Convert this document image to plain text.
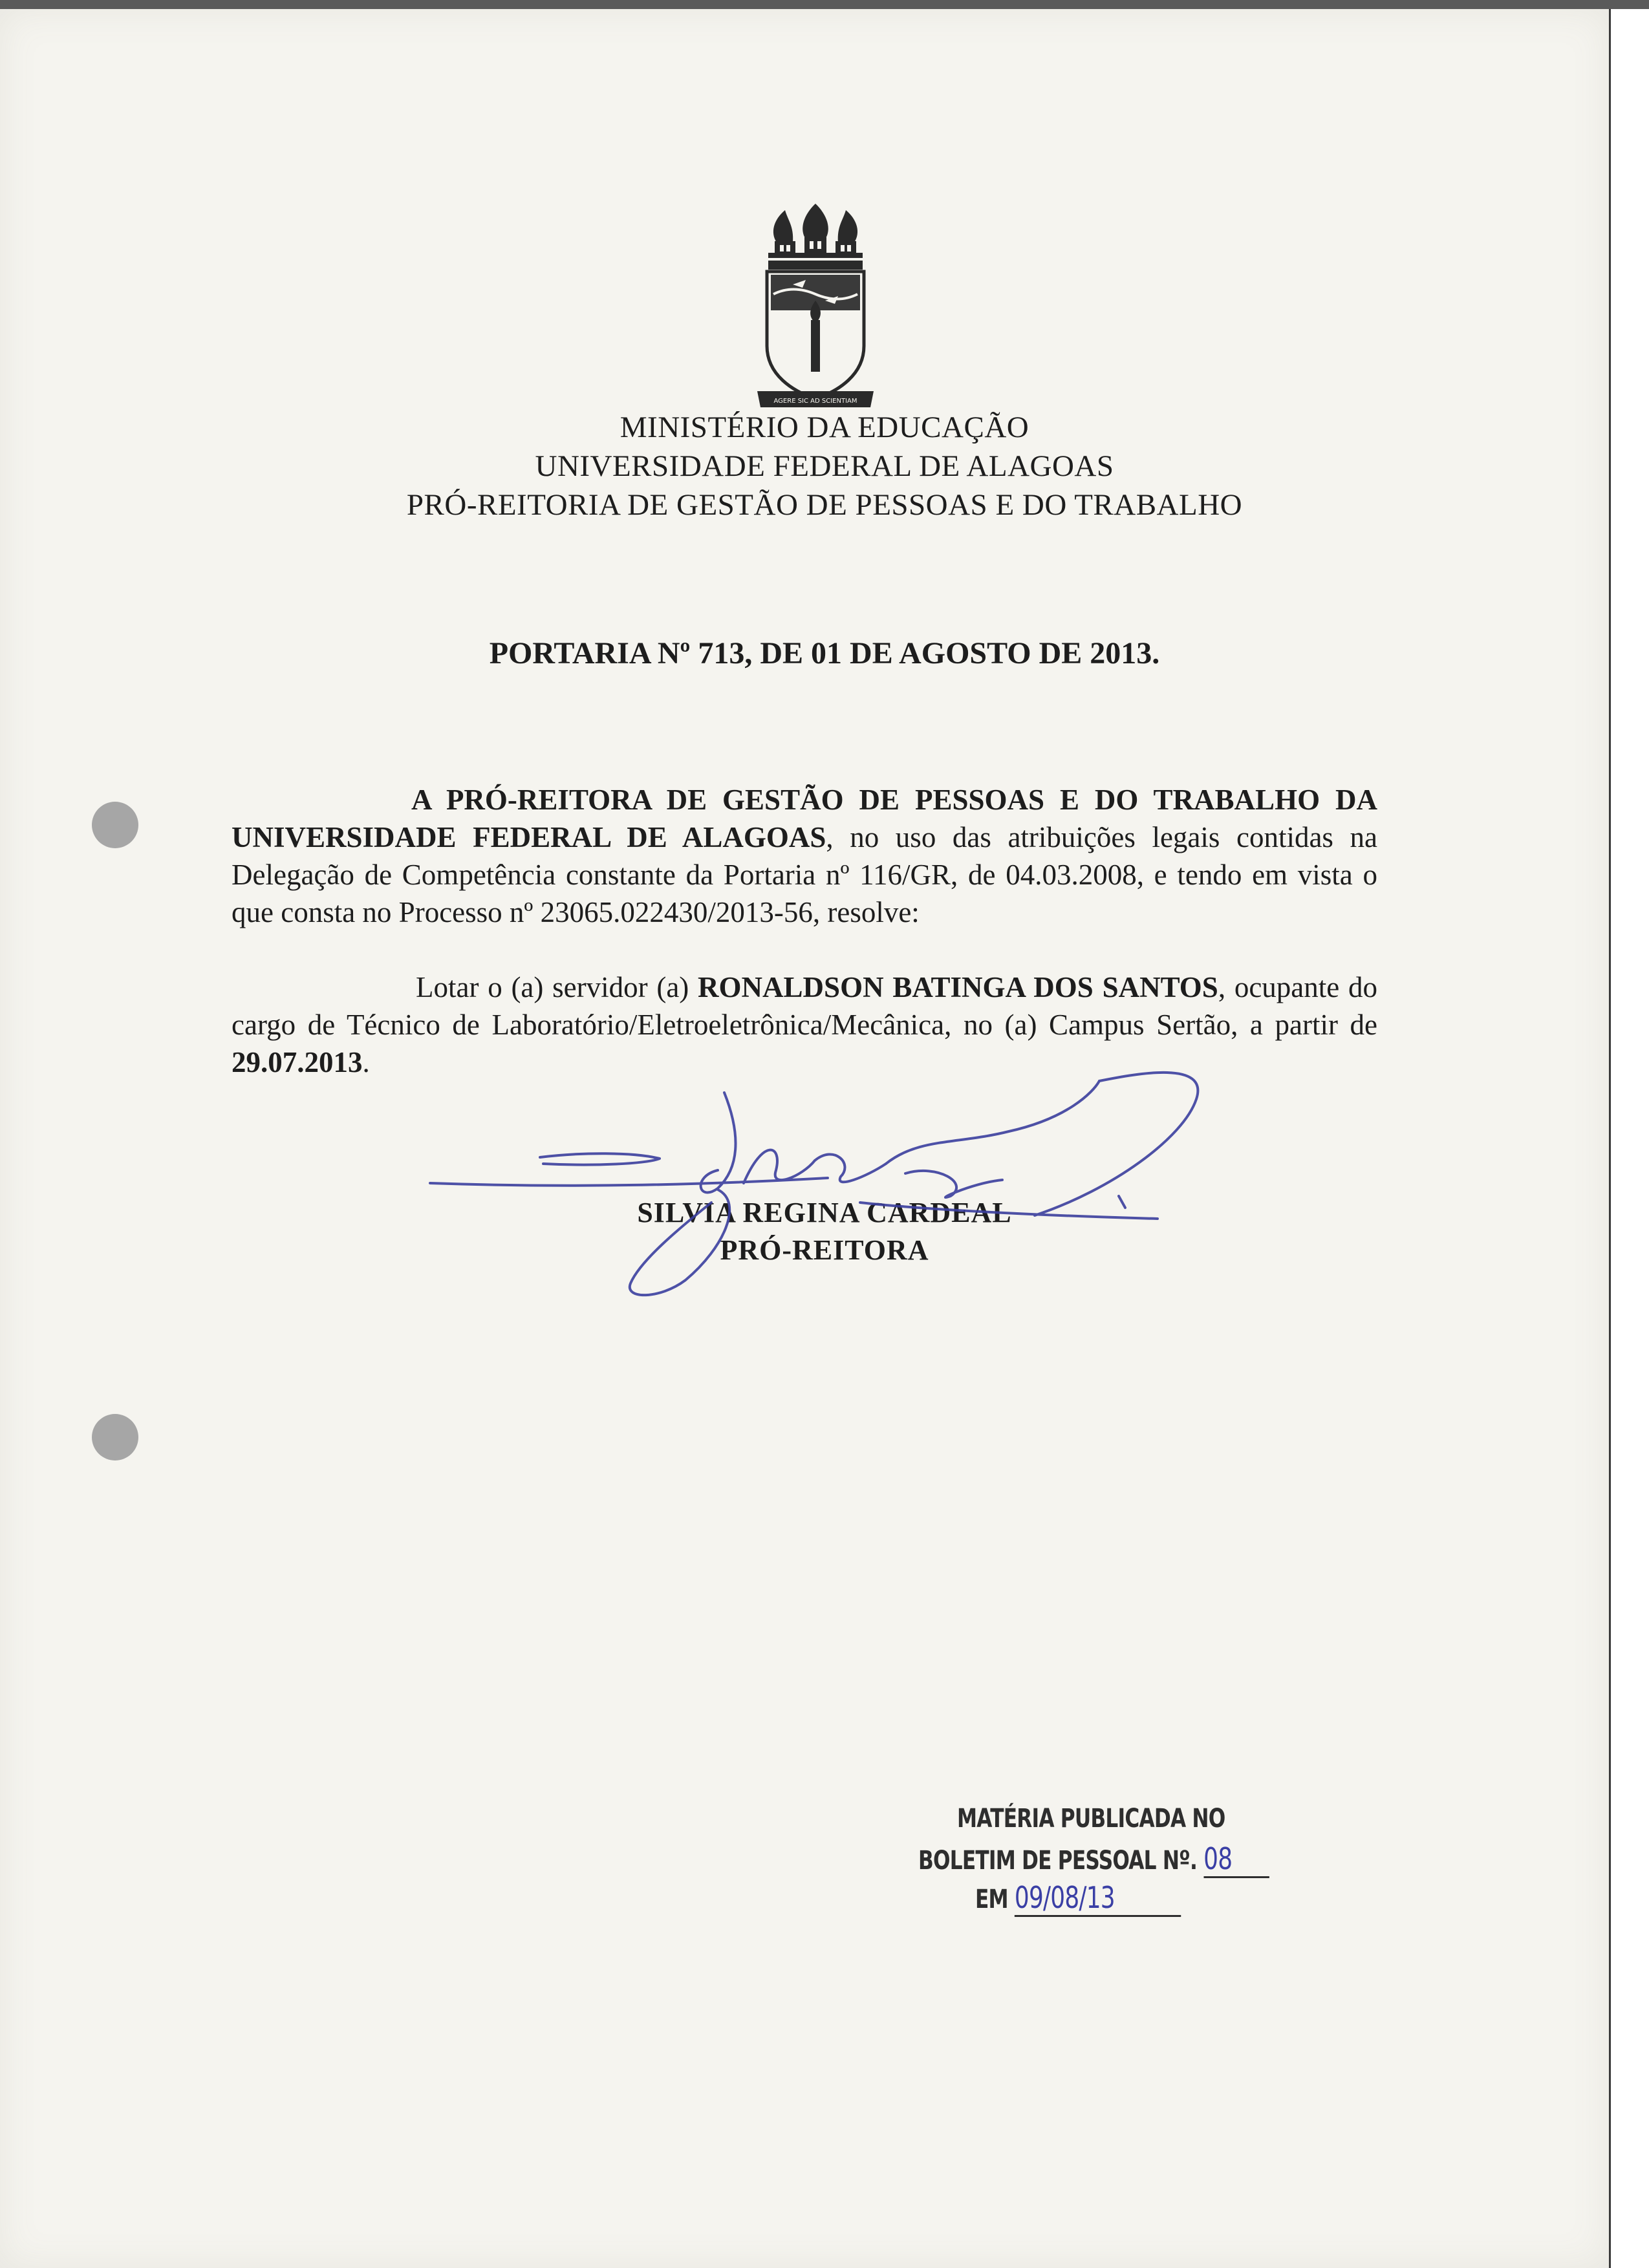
AGERE SIC AD SCIENTIAM
MINISTÉRIO DA EDUCAÇÃO
UNIVERSIDADE FEDERAL DE ALAGOAS
PRÓ-REITORIA DE GESTÃO DE PESSOAS E DO TRABALHO
PORTARIA Nº 713, DE 01 DE AGOSTO DE 2013.
A PRÓ-REITORA DE GESTÃO DE PESSOAS E DO TRABALHO DA UNIVERSIDADE FEDERAL DE ALAGOAS, no uso das atribuições legais contidas na Delegação de Competência constante da Portaria nº 116/GR, de 04.03.2008, e tendo em vista o que consta no Processo nº 23065.022430/2013-56, resolve:
Lotar o (a) servidor (a) RONALDSON BATINGA DOS SANTOS, ocupante do cargo de Técnico de Laboratório/Eletroeletrônica/Mecânica, no (a) Campus Sertão, a partir de 29.07.2013.
SILVIA REGINA CARDEAL
PRÓ-REITORA
MATÉRIA PUBLICADA NO
BOLETIM DE PESSOAL Nº. 08
EM 09/08/13
